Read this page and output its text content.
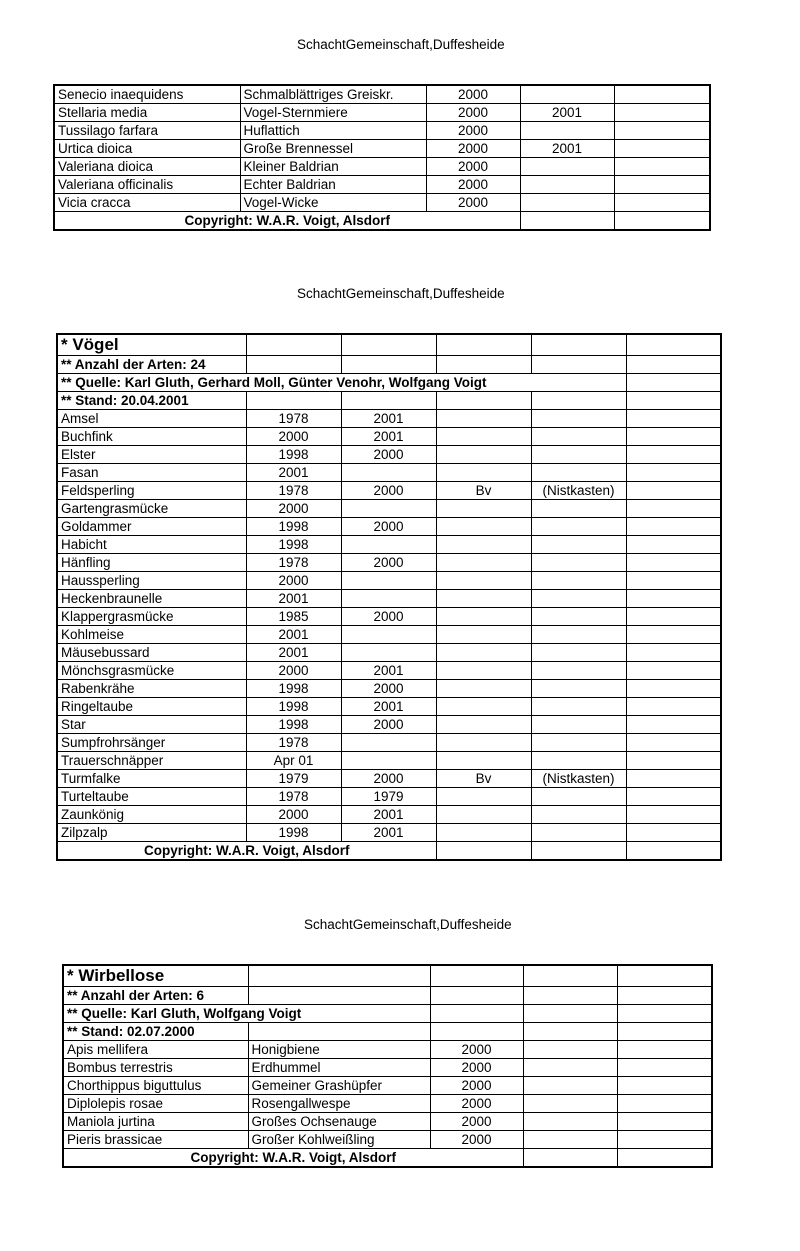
SchachtGemeinschaft,Duffesheide
SchachtGemeinschaft,Duffesheide
SchachtGemeinschaft,Duffesheide
Senecio inaequidens	Schmalblättriges Greiskr.	2000		
Stellaria media	Vogel-Sternmiere	2000	2001	
Tussilago farfara	Huflattich	2000		
Urtica dioica	Große Brennessel	2000	2001	
Valeriana dioica	Kleiner Baldrian	2000		
Valeriana officinalis	Echter Baldrian	2000		
Vicia cracca	Vogel-Wicke	2000		
Copyright: W.A.R. Voigt, Alsdorf				
* Vögel					
** Anzahl der Arten: 24					
** Quelle: Karl Gluth, Gerhard Moll, Günter Venohr, Wolfgang Voigt					
** Stand: 20.04.2001					
Amsel	1978	2001			
Buchfink	2000	2001			
Elster	1998	2000			
Fasan	2001				
Feldsperling	1978	2000	Bv	(Nistkasten)	
Gartengrasmücke	2000				
Goldammer	1998	2000			
Habicht	1998				
Hänfling	1978	2000			
Haussperling	2000				
Heckenbraunelle	2001				
Klappergrasmücke	1985	2000			
Kohlmeise	2001				
Mäusebussard	2001				
Mönchsgrasmücke	2000	2001			
Rabenkrähe	1998	2000			
Ringeltaube	1998	2001			
Star	1998	2000			
Sumpfrohrsänger	1978				
Trauerschnäpper	Apr 01				
Turmfalke	1979	2000	Bv	(Nistkasten)	
Turteltaube	1978	1979			
Zaunkönig	2000	2001			
Zilpzalp	1998	2001			
Copyright: W.A.R. Voigt, Alsdorf					
* Wirbellose				
** Anzahl der Arten: 6				
** Quelle: Karl Gluth, Wolfgang Voigt				
** Stand: 02.07.2000				
Apis mellifera	Honigbiene	2000		
Bombus terrestris	Erdhummel	2000		
Chorthippus biguttulus	Gemeiner Grashüpfer	2000		
Diplolepis rosae	Rosengallwespe	2000		
Maniola jurtina	Großes Ochsenauge	2000		
Pieris brassicae	Großer Kohlweißling	2000		
Copyright: W.A.R. Voigt, Alsdorf				
